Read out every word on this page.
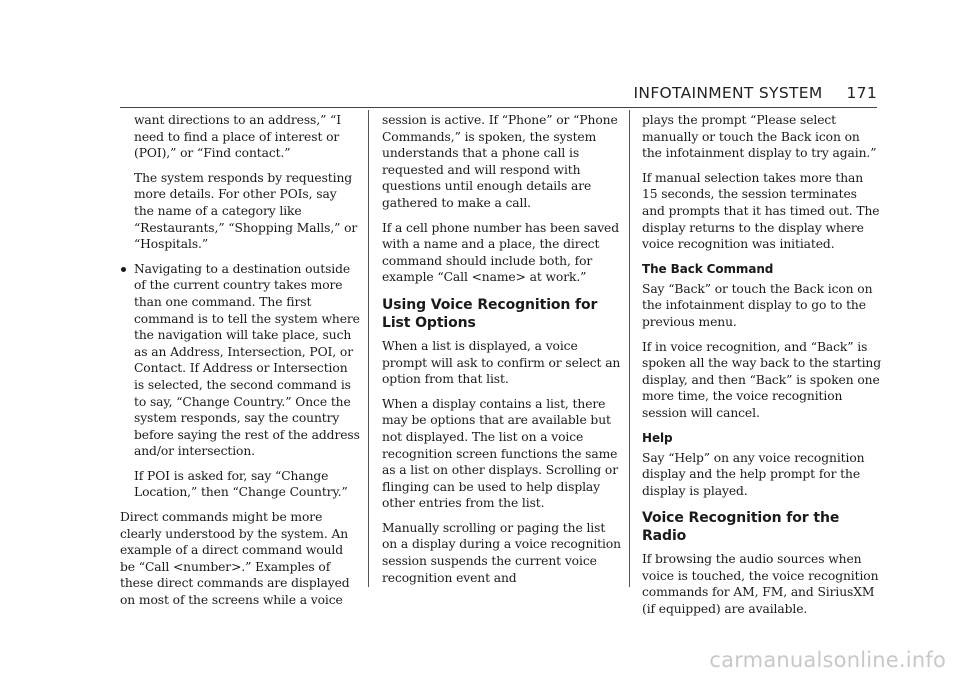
INFOTAINMENT SYSTEM 171

want directions to an address,” “I need to find a place of interest or (POI),” or “Find contact.”

The system responds by requesting more details. For other POIs, say the name of a category like “Restaurants,” “Shopping Malls,” or “Hospitals.”

Navigating to a destination outside of the current country takes more than one command. The first command is to tell the system where the navigation will take place, such as an Address, Intersection, POI, or Contact. If Address or Intersection is selected, the second command is to say, “Change Country.” Once the system responds, say the country before saying the rest of the address and/or intersection.

If POI is asked for, say “Change Location,” then “Change Country.”

Direct commands might be more clearly understood by the system. An example of a direct command would be “Call <number>.” Examples of these direct commands are displayed on most of the screens while a voice

session is active. If “Phone” or “Phone Commands,” is spoken, the system understands that a phone call is requested and will respond with questions until enough details are gathered to make a call.

If a cell phone number has been saved with a name and a place, the direct command should include both, for example “Call <name> at work.”

Using Voice Recognition for List Options

When a list is displayed, a voice prompt will ask to confirm or select an option from that list.

When a display contains a list, there may be options that are available but not displayed. The list on a voice recognition screen functions the same as a list on other displays. Scrolling or flinging can be used to help display other entries from the list.

Manually scrolling or paging the list on a display during a voice recognition session suspends the current voice recognition event and

plays the prompt “Please select manually or touch the Back icon on the infotainment display to try again.”

If manual selection takes more than 15 seconds, the session terminates and prompts that it has timed out. The display returns to the display where voice recognition was initiated.

The Back Command

Say “Back” or touch the Back icon on the infotainment display to go to the previous menu.

If in voice recognition, and “Back” is spoken all the way back to the starting display, and then “Back” is spoken one more time, the voice recognition session will cancel.

Help

Say “Help” on any voice recognition display and the help prompt for the display is played.

Voice Recognition for the Radio

If browsing the audio sources when voice is touched, the voice recognition commands for AM, FM, and SiriusXM (if equipped) are available.

carmanualsonline.info
